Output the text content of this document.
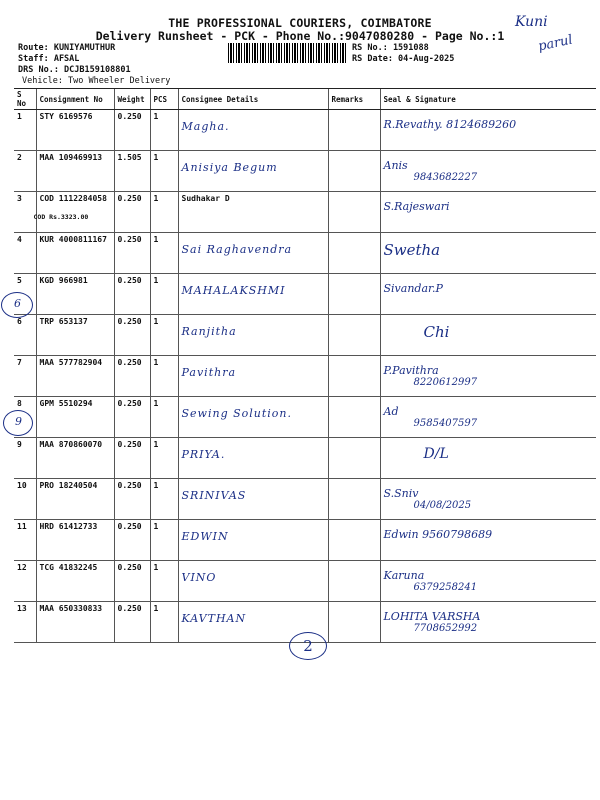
THE PROFESSIONAL COURIERS, COIMBATORE
Delivery Runsheet - PCK - Phone No.:9047080280 - Page No.:1
Route: KUNIYAMUTHUR
Staff: AFSAL
DRS No.: DCJB159108801
Vehicle: Two Wheeler Delivery
RS No.: 1591088
RS Date: 04-Aug-2025
Kuni
parul
S No	Consignment No	Weight	PCS	Consignee Details	Remarks	Seal & Signature
1	STY 6169576	0.250	1	Magha.		R.Revathy. 8124689260

2	MAA 109469913	1.505	1	Anisiya Begum		Anis
9843682227

3	COD 1112284058
COD Rs.3323.00	0.250	1	Sudhakar D		S.Rajeswari

4	KUR 4000811167	0.250	1	Sai Raghavendra		Swetha

5	KGD 966981	0.250	1	MAHALAKSHMI		Sivandar.P

6	TRP 653137	0.250	1	Ranjitha		Chi

7	MAA 577782904	0.250	1	Pavithra		P.Pavithra
8220612997

8	GPM 5510294	0.250	1	Sewing Solution.		Ad
9585407597

9	MAA 870860070	0.250	1	PRIYA.		D/L

10	PRO 18240504	0.250	1	SRINIVAS		S.Sniv
04/08/2025

11	HRD 61412733	0.250	1	EDWIN		Edwin 9560798689

12	TCG 41832245	0.250	1	VINO		Karuna
6379258241

13	MAA 650330833	0.250	1	KAVTHAN		LOHITA VARSHA
7708652992
6
9
2
